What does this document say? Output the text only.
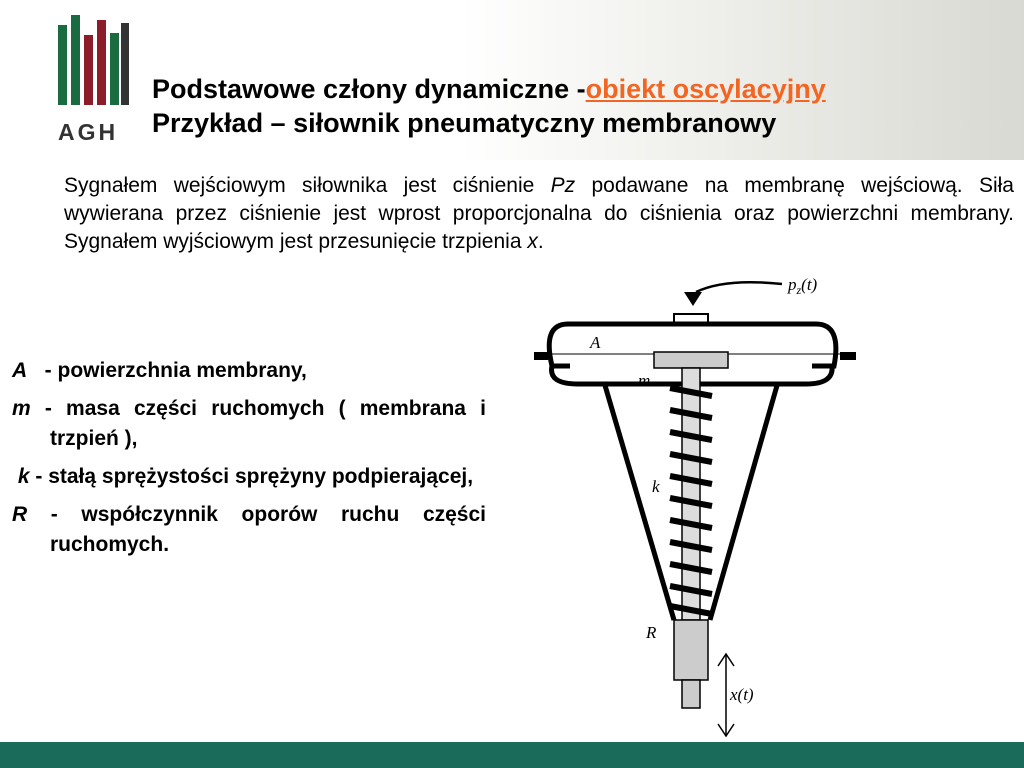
AGH
Podstawowe człony dynamiczne -obiekt oscylacyjny
Przykład – siłownik pneumatyczny membranowy
Sygnałem wejściowym siłownika jest ciśnienie Pz podawane na membranę wejściową. Siła wywierana przez ciśnienie jest wprost proporcjonalna do ciśnienia oraz powierzchni membrany. Sygnałem wyjściowym jest przesunięcie trzpienia x.
A   - powierzchnia membrany,
m - masa części ruchomych ( membrana i trzpień ),
k - stałą sprężystości sprężyny podpierającej,
R - współczynnik oporów ruchu części ruchomych.
$p_z(t)$
A
m
k
R
x(t)
